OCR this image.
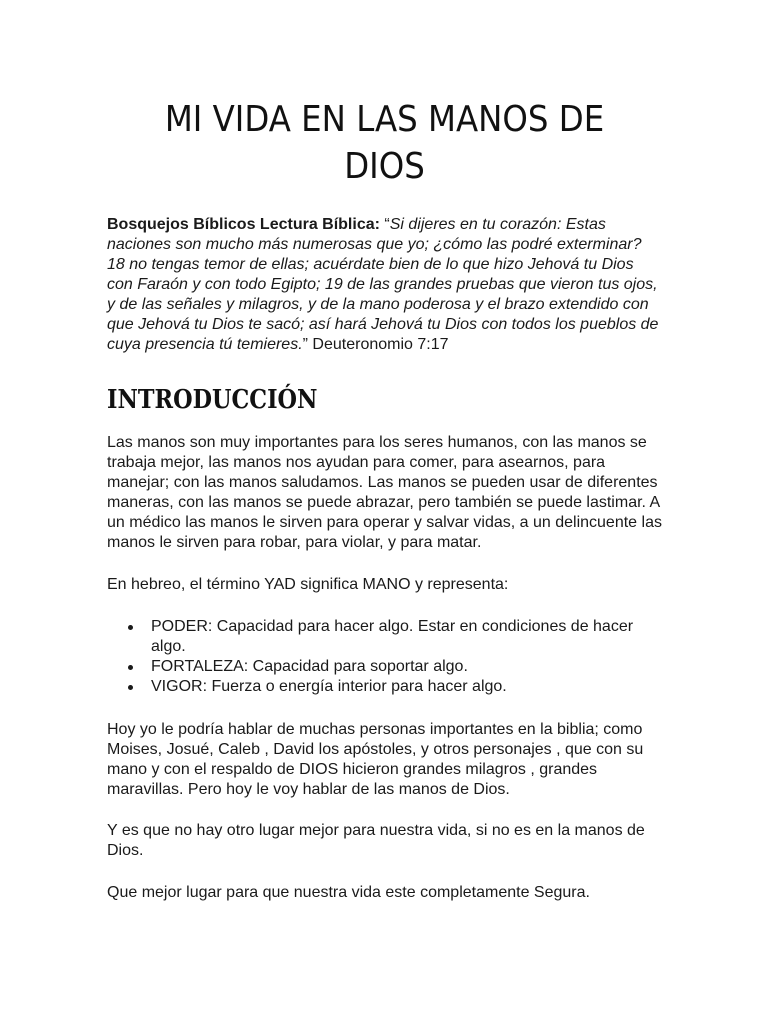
MI VIDA EN LAS MANOS DE
DIOS

Bosquejos Bíblicos Lectura Bíblica: “Si dijeres en tu corazón: Estas naciones son mucho más numerosas que yo; ¿cómo las podré exterminar? 18 no tengas temor de ellas; acuérdate bien de lo que hizo Jehová tu Dios con Faraón y con todo Egipto; 19 de las grandes pruebas que vieron tus ojos, y de las señales y milagros, y de la mano poderosa y el brazo extendido con que Jehová tu Dios te sacó; así hará Jehová tu Dios con todos los pueblos de cuya presencia tú temieres.” Deuteronomio 7:17

INTRODUCCIÓN

Las manos son muy importantes para los seres humanos, con las manos se trabaja mejor, las manos nos ayudan para comer, para asearnos, para manejar; con las manos saludamos. Las manos se pueden usar de diferentes maneras, con las manos se puede abrazar, pero también se puede lastimar. A un médico las manos le sirven para operar y salvar vidas, a un delincuente las manos le sirven para robar, para violar, y para matar.

En hebreo, el término YAD significa MANO y representa:

PODER: Capacidad para hacer algo. Estar en condiciones de hacer algo.
FORTALEZA: Capacidad para soportar algo.
VIGOR: Fuerza o energía interior para hacer algo.

Hoy yo le podría hablar de muchas personas importantes en la biblia; como Moises, Josué, Caleb , David los apóstoles, y otros personajes , que con su mano y con el respaldo de DIOS hicieron grandes milagros , grandes maravillas. Pero hoy le voy hablar de las manos de Dios.

Y es que no hay otro lugar mejor para nuestra vida, si no es en la manos de Dios.

Que mejor lugar para que nuestra vida este completamente Segura.
